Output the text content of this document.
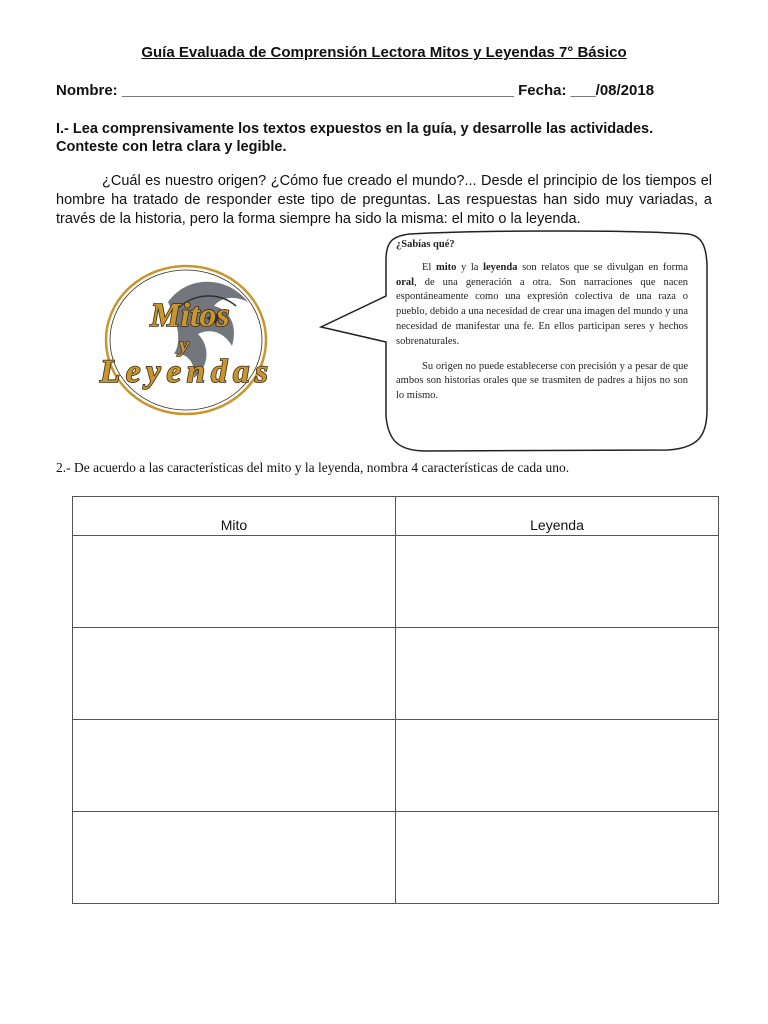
Guía Evaluada de Comprensión Lectora Mitos y Leyendas 7° Básico
Nombre: _______________________________________________ Fecha: ___/08/2018
I.- Lea comprensivamente los textos expuestos en la guía, y desarrolle las actividades.
Conteste con letra clara y legible.
¿Cuál es nuestro origen? ¿Cómo fue creado el mundo?... Desde el principio de los tiempos el hombre ha tratado de responder este tipo de preguntas. Las respuestas han sido muy variadas, a través de la historia, pero la forma siempre ha sido la misma: el mito o la leyenda.
Mitos
y
Leyendas
¿Sabías qué?

El mito y la leyenda son relatos que se divulgan en forma oral, de una generación a otra. Son narraciones que nacen espontáneamente como una expresión colectiva de una raza o pueblo, debido a una necesidad de crear una imagen del mundo y una necesidad de manifestar una fe. En ellos participan seres y hechos sobrenaturales.

Su origen no puede establecerse con precisión y a pesar de que ambos son historias orales que se trasmiten de padres a hijos no son lo mismo.

2.- De acuerdo a las características del mito y la leyenda, nombra 4 características de cada uno.
Mito	Leyenda
